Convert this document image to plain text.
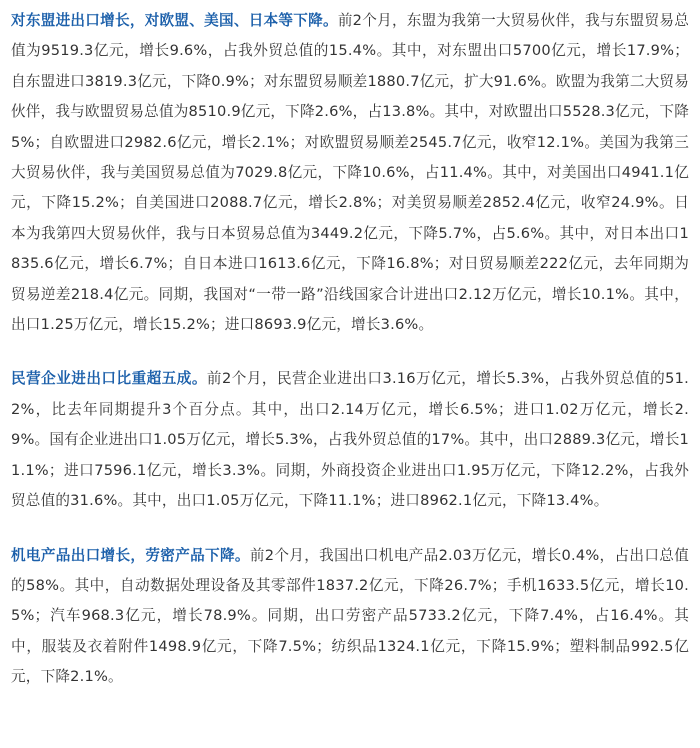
对东盟进出口增长，对欧盟、美国、日本等下降。前2个月，东盟为我第一大贸易伙伴，我与东盟贸易总值为9519.3亿元，增长9.6%，占我外贸总值的15.4%。其中，对东盟出口5700亿元，增长17.9%；自东盟进口3819.3亿元，下降0.9%；对东盟贸易顺差1880.7亿元，扩大91.6%。欧盟为我第二大贸易伙伴，我与欧盟贸易总值为8510.9亿元，下降2.6%，占13.8%。其中，对欧盟出口5528.3亿元，下降5%；自欧盟进口2982.6亿元，增长2.1%；对欧盟贸易顺差2545.7亿元，收窄12.1%。美国为我第三大贸易伙伴，我与美国贸易总值为7029.8亿元，下降10.6%，占11.4%。其中，对美国出口4941.1亿元，下降15.2%；自美国进口2088.7亿元，增长2.8%；对美贸易顺差2852.4亿元，收窄24.9%。日本为我第四大贸易伙伴，我与日本贸易总值为3449.2亿元，下降5.7%，占5.6%。其中，对日本出口1835.6亿元，增长6.7%；自日本进口1613.6亿元，下降16.8%；对日贸易顺差222亿元，去年同期为贸易逆差218.4亿元。同期，我国对“一带一路”沿线国家合计进出口2.12万亿元，增长10.1%。其中，出口1.25万亿元，增长15.2%；进口8693.9亿元，增长3.6%。

民营企业进出口比重超五成。前2个月，民营企业进出口3.16万亿元，增长5.3%，占我外贸总值的51.2%，比去年同期提升3个百分点。其中，出口2.14万亿元，增长6.5%；进口1.02万亿元，增长2.9%。国有企业进出口1.05万亿元，增长5.3%，占我外贸总值的17%。其中，出口2889.3亿元，增长11.1%；进口7596.1亿元，增长3.3%。同期，外商投资企业进出口1.95万亿元，下降12.2%，占我外贸总值的31.6%。其中，出口1.05万亿元，下降11.1%；进口8962.1亿元，下降13.4%。

机电产品出口增长，劳密产品下降。前2个月，我国出口机电产品2.03万亿元，增长0.4%，占出口总值的58%。其中，自动数据处理设备及其零部件1837.2亿元，下降26.7%；手机1633.5亿元，增长10.5%；汽车968.3亿元，增长78.9%。同期，出口劳密产品5733.2亿元，下降7.4%，占16.4%。其中，服装及衣着附件1498.9亿元，下降7.5%；纺织品1324.1亿元，下降15.9%；塑料制品992.5亿元，下降2.1%。
